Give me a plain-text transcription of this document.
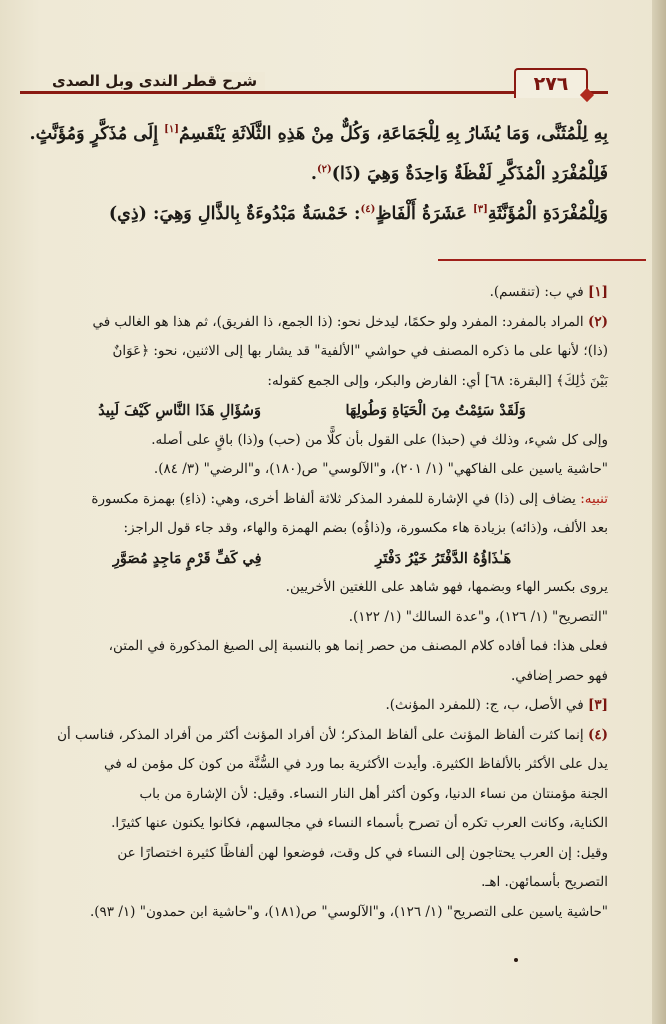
شرح قطر الندى وبل الصدى	٢٧٦
بِهِ لِلْمُثَنَّى، وَمَا يُشَارُ بِهِ لِلْجَمَاعَةِ، وَكُلٌّ مِنْ هَذِهِ الثَّلَاثَةِ يَنْقَسِمُ[١] إِلَى مُذَكَّرٍ وَمُؤَنَّثٍ.
فَلِلْمُفْرَدِ الْمُذَكَّرِ لَفْظَةٌ وَاحِدَةٌ وَهِيَ (ذَا)$^{(٢)}$.
وَلِلْمُفْرَدَةِ الْمُؤَنَّثَةِ[٣] عَشَرَةُ أَلْفَاظٍ$^{(٤)}$: خَمْسَةٌ مَبْدُوءَةٌ بِالذَّالِ وَهِيَ: (ذِي)
[١] في ب: (تنقسم).
(٢) المراد بالمفرد: المفرد ولو حكمًا، ليدخل نحو: (ذا الجمع، ذا الفريق)، ثم هذا هو الغالب في
(ذا)؛ لأنها على ما ذكره المصنف في حواشي "الألفية" قد يشار بها إلى الاثنين، نحو: ﴿عَوَانٌ
بَيْنَ ذَٰلِكَ﴾ [البقرة: ٦٨] أي: الفارض والبكر، وإلى الجمع كقوله:
وَلَقَدْ سَئِمْتُ مِنَ الْحَيَاةِ وَطُولِهَا
وَسُؤَالِ هَذَا النَّاسِ كَيْفَ لَبِيدُ
وإلى كل شيء، وذلك في (حبذا) على القول بأن كلًّا من (حب) و(ذا) باقٍ على أصله.
"حاشية ياسين على الفاكهي" (١/ ٢٠١)، و"الآلوسي" ص(١٨٠)، و"الرضي" (٣/ ٨٤).
تنبيه: يضاف إلى (ذا) في الإشارة للمفرد المذكر ثلاثة ألفاظ أخرى، وهي: (ذاءِ) بهمزة مكسورة
بعد الألف، و(ذائه) بزيادة هاء مكسورة، و(ذاؤُه) بضم الهمزة والهاء، وقد جاء قول الراجز:
هَـٰذَاؤُهُ الدَّفْتَرُ خَيْرُ دَفْتَرِ
فِي كَفِّ قَرْمٍ مَاجِدٍ مُصَوَّرِ
يروى بكسر الهاء وبضمها، فهو شاهد على اللغتين الأخريين.
"التصريح" (١/ ١٢٦)، و"عدة السالك" (١/ ١٢٢).
فعلى هذا: فما أفاده كلام المصنف من حصر إنما هو بالنسبة إلى الصيغ المذكورة في المتن،
فهو حصر إضافي.
[٣] في الأصل، ب، ج: (للمفرد المؤنث).
(٤) إنما كثرت ألفاظ المؤنث على ألفاظ المذكر؛ لأن أفراد المؤنث أكثر من أفراد المذكر، فناسب أن
يدل على الأكثر بالألفاظ الكثيرة. وأيدت الأكثرية بما ورد في السُّنَّة من كون كل مؤمن له في
الجنة مؤمنتان من نساء الدنيا، وكون أكثر أهل النار النساء. وقيل: لأن الإشارة من باب
الكناية، وكانت العرب تكره أن تصرح بأسماء النساء في مجالسهم، فكانوا يكنون عنها كثيرًا.
وقيل: إن العرب يحتاجون إلى النساء في كل وقت، فوضعوا لهن ألفاظًا كثيرة اختصارًا عن
التصريح بأسمائهن. اهـ.
"حاشية ياسين على التصريح" (١/ ١٢٦)، و"الآلوسي" ص(١٨١)، و"حاشية ابن حمدون" (١/ ٩٣).
